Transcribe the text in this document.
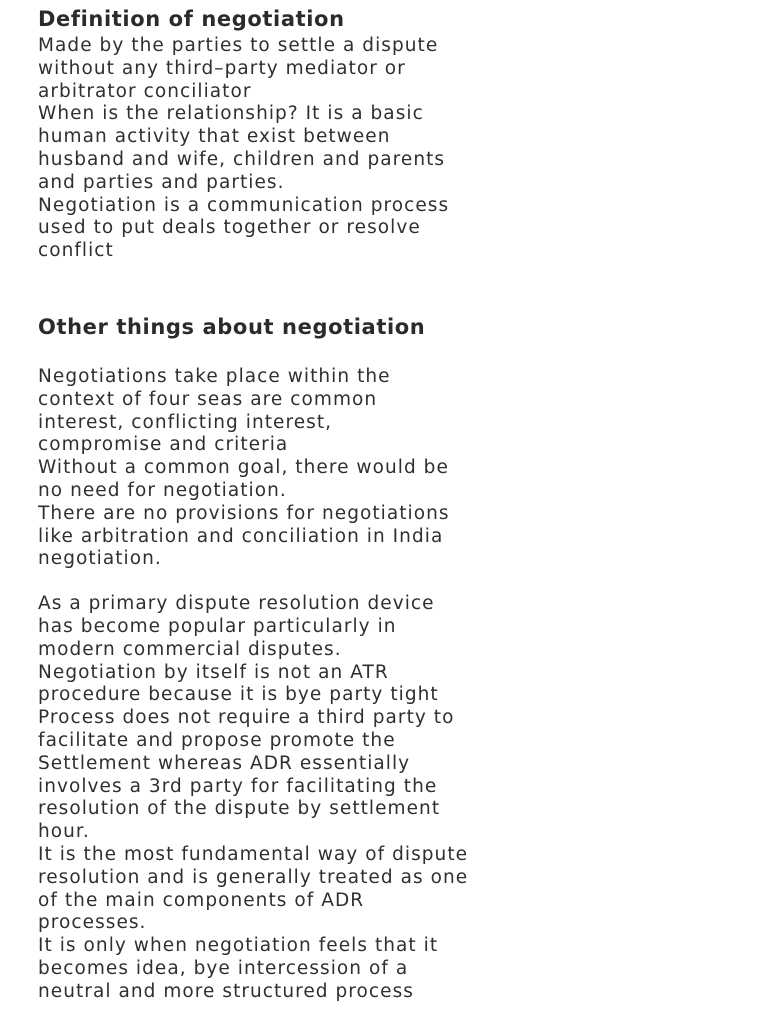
Definition of negotiation

Made by the parties to settle a dispute
without any third–party mediator or
arbitrator conciliator
When is the relationship? It is a basic
human activity that exist between
husband and wife, children and parents
and parties and parties.
Negotiation is a communication process
used to put deals together or resolve
conflict

Other things about negotiation

Negotiations take place within the
context of four seas are common
interest, conflicting interest,
compromise and criteria
Without a common goal, there would be
no need for negotiation.
There are no provisions for negotiations
like arbitration and conciliation in India
negotiation.

As a primary dispute resolution device
has become popular particularly in
modern commercial disputes.
Negotiation by itself is not an ATR
procedure because it is bye party tight
Process does not require a third party to
facilitate and propose promote the
Settlement whereas ADR essentially
involves a 3rd party for facilitating the
resolution of the dispute by settlement
hour.
It is the most fundamental way of dispute
resolution and is generally treated as one
of the main components of ADR
processes.
It is only when negotiation feels that it
becomes idea, bye intercession of a
neutral and more structured process
